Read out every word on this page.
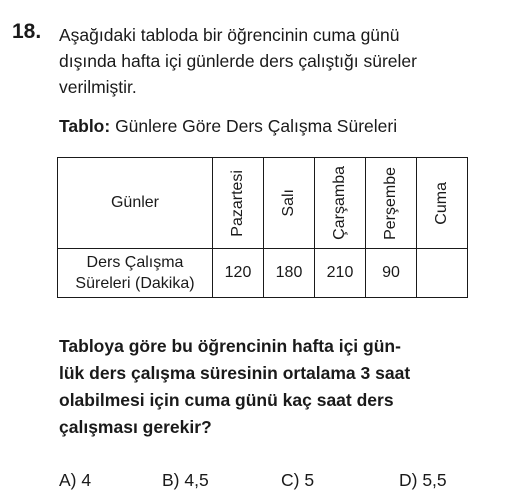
18. Aşağıdaki tabloda bir öğrencinin cuma günü
dışında hafta içi günlerde ders çalıştığı süreler
verilmiştir.
Tablo: Günlere Göre Ders Çalışma Süreleri
Günler	Pazartesi	Salı	Çarşamba	Perşembe	Cuma

Ders Çalışma
Süreleri (Dakika)	120	180	210	90	
Tabloya göre bu öğrencinin hafta içi gün-
lük ders çalışma süresinin ortalama 3 saat
olabilmesi için cuma günü kaç saat ders
çalışması gerekir?
A) 4	B) 4,5	C) 5	D) 5,5
